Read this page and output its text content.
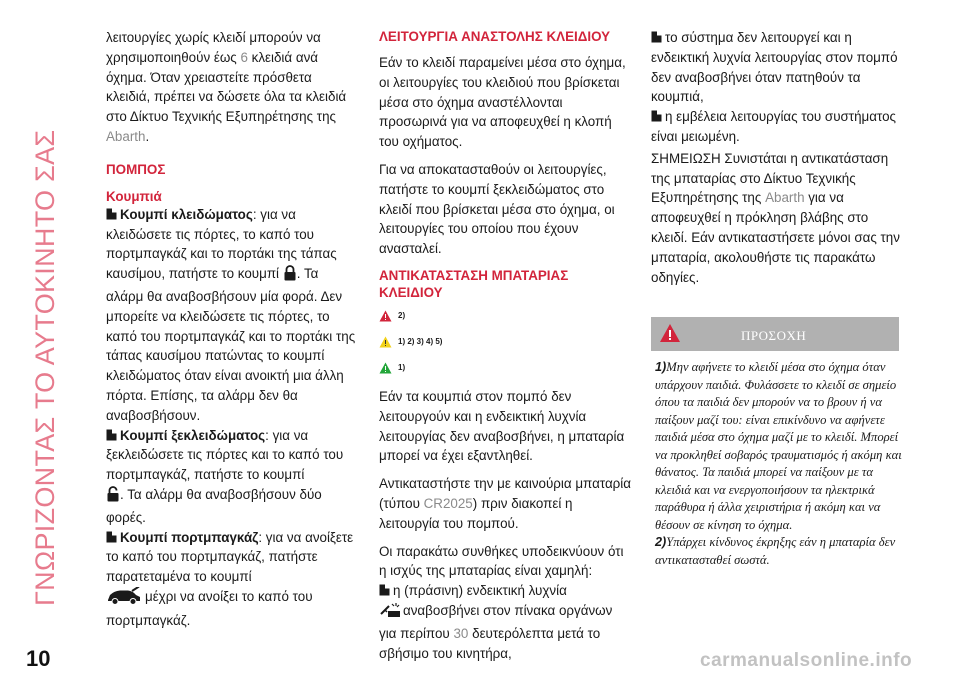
ΓΝΩΡΙΖΟΝΤΑΣ ΤΟ ΑΥΤΟΚΙΝΗΤΟ ΣΑΣ

λειτουργίες χωρίς κλειδί μπορούν να χρησιμοποιηθούν έως 6 κλειδιά ανά όχημα. Όταν χρειαστείτε πρόσθετα κλειδιά, πρέπει να δώσετε όλα τα κλειδιά στο Δίκτυο Τεχνικής Εξυπηρέτησης της Abarth.

ΠΟΜΠΟΣ
Κουμπιά
Κουμπί κλειδώματος: για να κλειδώσετε τις πόρτες, το καπό του πορτμπαγκάζ και το πορτάκι της τάπας καυσίμου, πατήστε το κουμπί . Τα αλάρμ θα αναβοσβήσουν μία φορά. Δεν μπορείτε να κλειδώσετε τις πόρτες, το καπό του πορτμπαγκάζ και το πορτάκι της τάπας καυσίμου πατώντας το κουμπί κλειδώματος όταν είναι ανοικτή μια άλλη πόρτα. Επίσης, τα αλάρμ δεν θα αναβοσβήσουν.
Κουμπί ξεκλειδώματος: για να ξεκλειδώσετε τις πόρτες και το καπό του πορτμπαγκάζ, πατήστε το κουμπί
. Τα αλάρμ θα αναβοσβήσουν δύο φορές.
Κουμπί πορτμπαγκάζ: για να ανοίξετε το καπό του πορτμπαγκάζ, πατήστε παρατεταμένα το κουμπί
μέχρι να ανοίξει το καπό του πορτμπαγκάζ.
ΛΕΙΤΟΥΡΓΙΑ ΑΝΑΣΤΟΛΗΣ ΚΛΕΙΔΙΟΥ

Εάν το κλειδί παραμείνει μέσα στο όχημα, οι λειτουργίες του κλειδιού που βρίσκεται μέσα στο όχημα αναστέλλονται προσωρινά για να αποφευχθεί η κλοπή του οχήματος.

Για να αποκατασταθούν οι λειτουργίες, πατήστε το κουμπί ξεκλειδώματος στο κλειδί που βρίσκεται μέσα στο όχημα, οι λειτουργίες του οποίου που έχουν ανασταλεί.

ΑΝΤΙΚΑΤΑΣΤΑΣΗ ΜΠΑΤΑΡΙΑΣ ΚΛΕΙΔΙΟΥ
2)
1) 2) 3) 4) 5)
1)

Εάν τα κουμπιά στον πομπό δεν λειτουργούν και η ενδεικτική λυχνία λειτουργίας δεν αναβοσβήνει, η μπαταρία μπορεί να έχει εξαντληθεί.

Αντικαταστήστε την με καινούρια μπαταρία (τύπου CR2025) πριν διακοπεί η λειτουργία του πομπού.

Οι παρακάτω συνθήκες υποδεικνύουν ότι η ισχύς της μπαταρίας είναι χαμηλή:

η (πράσινη) ενδεικτική λυχνία
αναβοσβήνει στον πίνακα οργάνων για περίπου 30 δευτερόλεπτα μετά το σβήσιμο του κινητήρα,
το σύστημα δεν λειτουργεί και η ενδεικτική λυχνία λειτουργίας στον πομπό δεν αναβοσβήνει όταν πατηθούν τα κουμπιά,
η εμβέλεια λειτουργίας του συστήματος είναι μειωμένη.

ΣΗΜΕΙΩΣΗ Συνιστάται η αντικατάσταση της μπαταρίας στο Δίκτυο Τεχνικής Εξυπηρέτησης της Abarth για να αποφευχθεί η πρόκληση βλάβης στο κλειδί. Εάν αντικαταστήσετε μόνοι σας την μπαταρία, ακολουθήστε τις παρακάτω οδηγίες.

ΠΡΟΣΟΧΗ
1)Μην αφήνετε το κλειδί μέσα στο όχημα όταν υπάρχουν παιδιά. Φυλάσσετε το κλειδί σε σημείο όπου τα παιδιά δεν μπορούν να το βρουν ή να παίξουν μαζί του: είναι επικίνδυνο να αφήνετε παιδιά μέσα στο όχημα μαζί με το κλειδί. Μπορεί να προκληθεί σοβαρός τραυματισμός ή ακόμη και θάνατος. Τα παιδιά μπορεί να παίξουν με τα κλειδιά και να ενεργοποιήσουν τα ηλεκτρικά παράθυρα ή άλλα χειριστήρια ή ακόμη και να θέσουν σε κίνηση το όχημα.
2)Υπάρχει κίνδυνος έκρηξης εάν η μπαταρία δεν αντικατασταθεί σωστά.
10	carmanualsonline.info
